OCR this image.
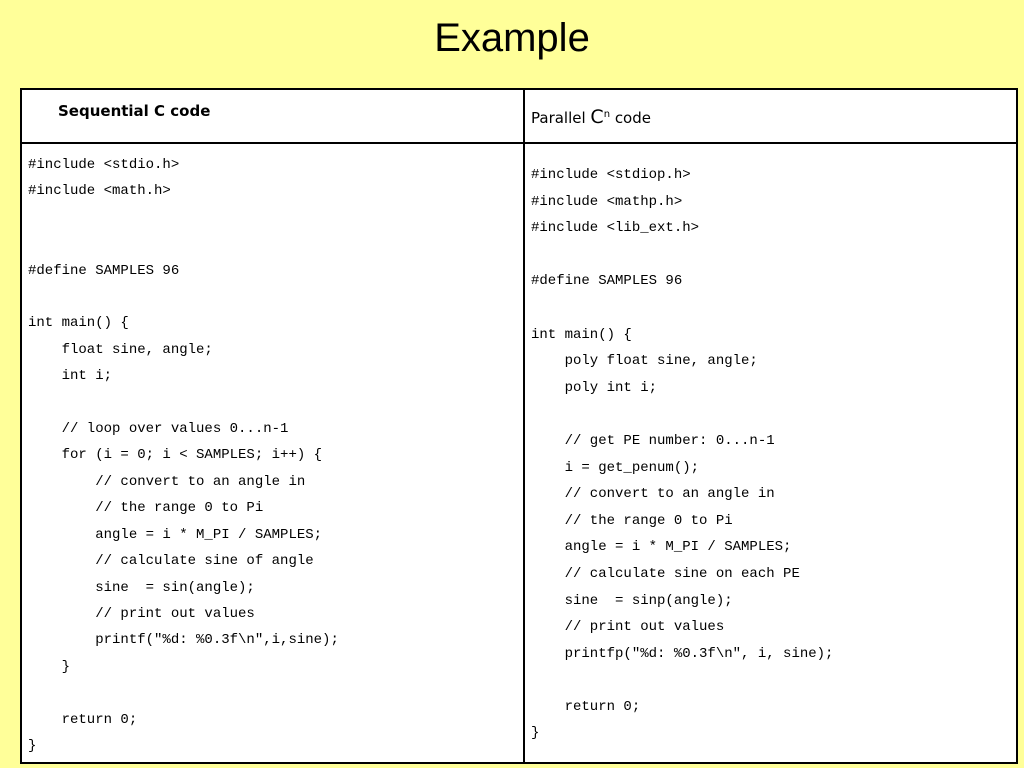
Example
Sequential C code	Parallel $C^n$ code
#include <stdio.h>
#include <math.h>

#define SAMPLES 96

int main() {
float sine, angle;
int i;

// loop over values 0...n-1
for (i = 0; i < SAMPLES; i++) {
// convert to an angle in
// the range 0 to Pi
angle = i * M_PI / SAMPLES;
// calculate sine of angle
sine  = sin(angle);
// print out values
printf("%d: %0.3f\n",i,sine);
}

return 0;
}
#include <stdiop.h>
#include <mathp.h>
#include <lib_ext.h>

#define SAMPLES 96

int main() {
poly float sine, angle;
poly int i;

// get PE number: 0...n-1
i = get_penum();
// convert to an angle in
// the range 0 to Pi
angle = i * M_PI / SAMPLES;
// calculate sine on each PE
sine  = sinp(angle);
// print out values
printfp("%d: %0.3f\n", i, sine);

return 0;
}
